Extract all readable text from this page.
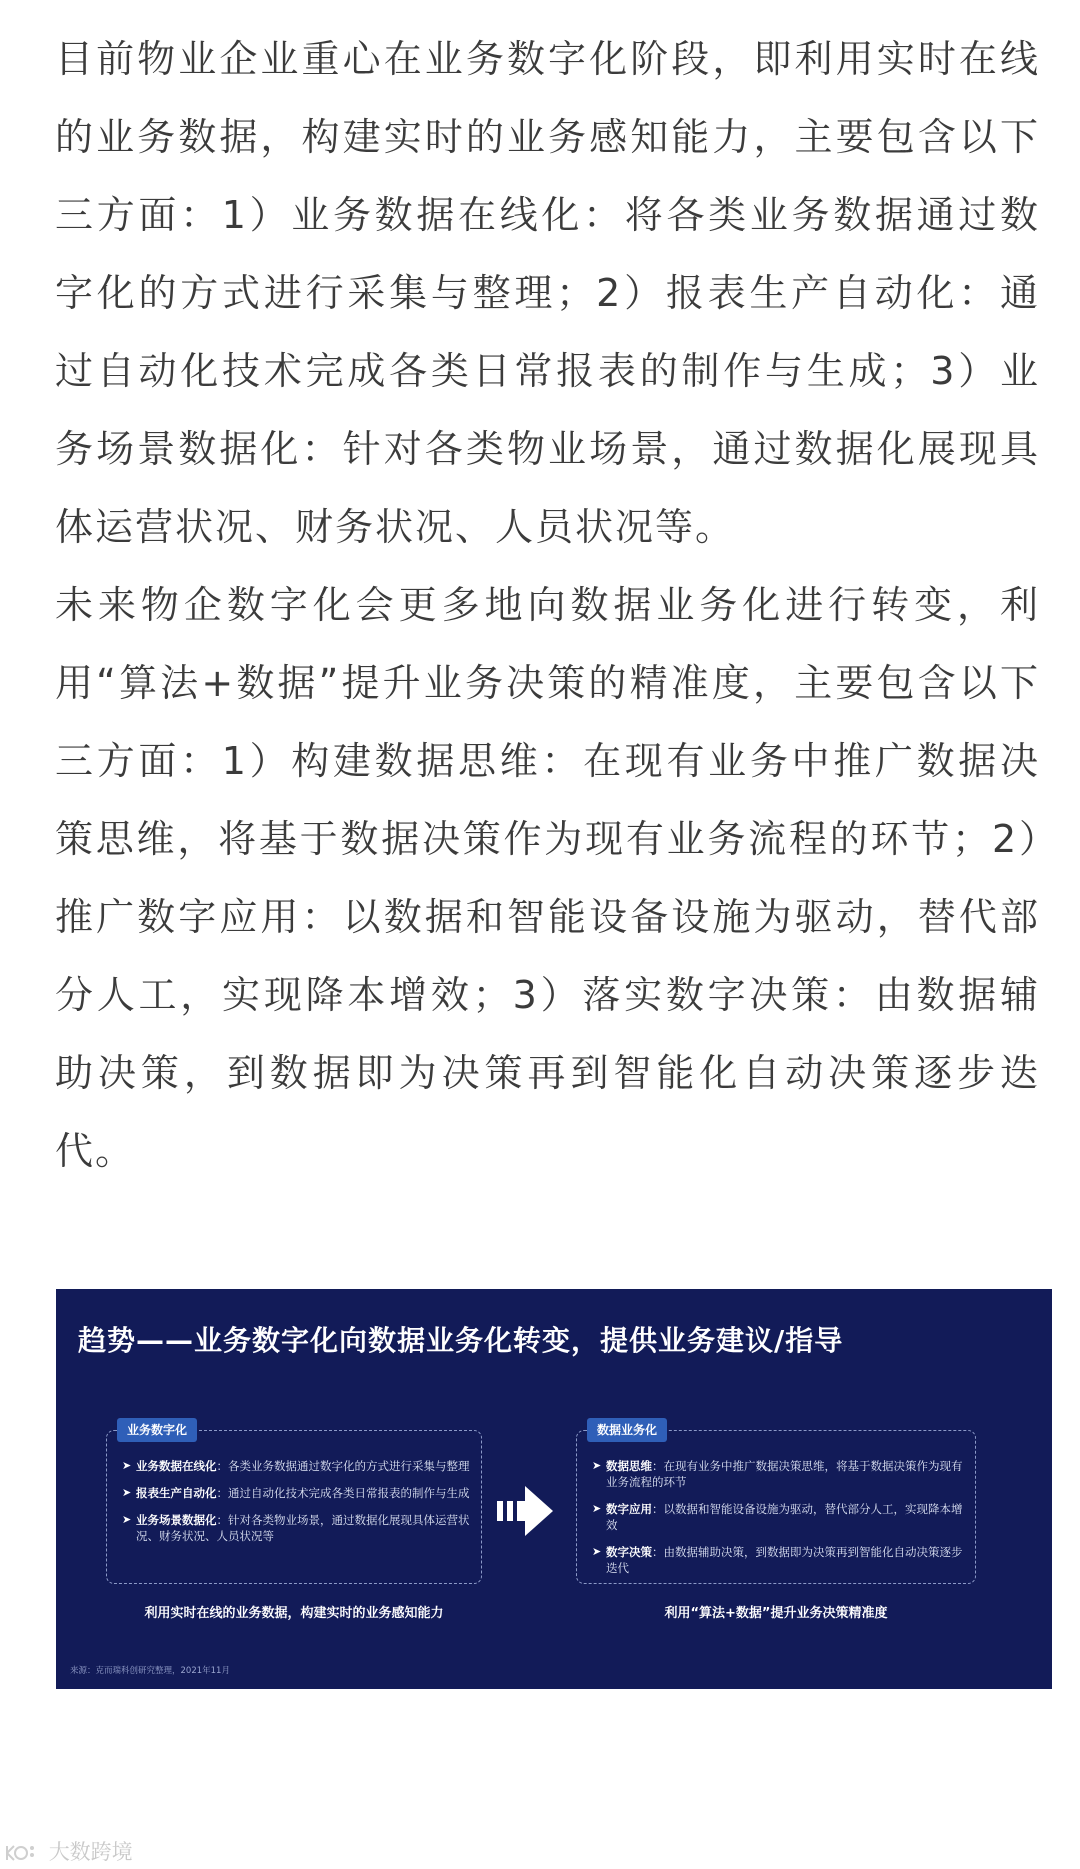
目前物业企业重心在业务数字化阶段，即利用实时在线的业务数据，构建实时的业务感知能力，主要包含以下三方面：1）业务数据在线化：将各类业务数据通过数字化的方式进行采集与整理；2）报表生产自动化：通过自动化技术完成各类日常报表的制作与生成；3）业务场景数据化：针对各类物业场景，通过数据化展现具体运营状况、财务状况、人员状况等。

未来物企数字化会更多地向数据业务化进行转变，利用“算法+数据”提升业务决策的精准度，主要包含以下三方面：1）构建数据思维：在现有业务中推广数据决策思维，将基于数据决策作为现有业务流程的环节；2）推广数字应用：以数据和智能设备设施为驱动，替代部分人工，实现降本增效；3）落实数字决策：由数据辅助决策，到数据即为决策再到智能化自动决策逐步迭代。

趋势——业务数字化向数据业务化转变，提供业务建议/指导
业务数字化
➤ 业务数据在线化：各类业务数据通过数字化的方式进行采集与整理
➤ 报表生产自动化：通过自动化技术完成各类日常报表的制作与生成
➤ 业务场景数据化：针对各类物业场景，通过数据化展现具体运营状况、财务状况、人员状况等
利用实时在线的业务数据，构建实时的业务感知能力
数据业务化
➤ 数据思维：在现有业务中推广数据决策思维，将基于数据决策作为现有业务流程的环节
➤ 数字应用：以数据和智能设备设施为驱动，替代部分人工，实现降本增效
➤ 数字决策：由数据辅助决策，到数据即为决策再到智能化自动决策逐步迭代
利用“算法+数据”提升业务决策精准度
来源：克而瑞科创研究整理，2021年11月
大数跨境
